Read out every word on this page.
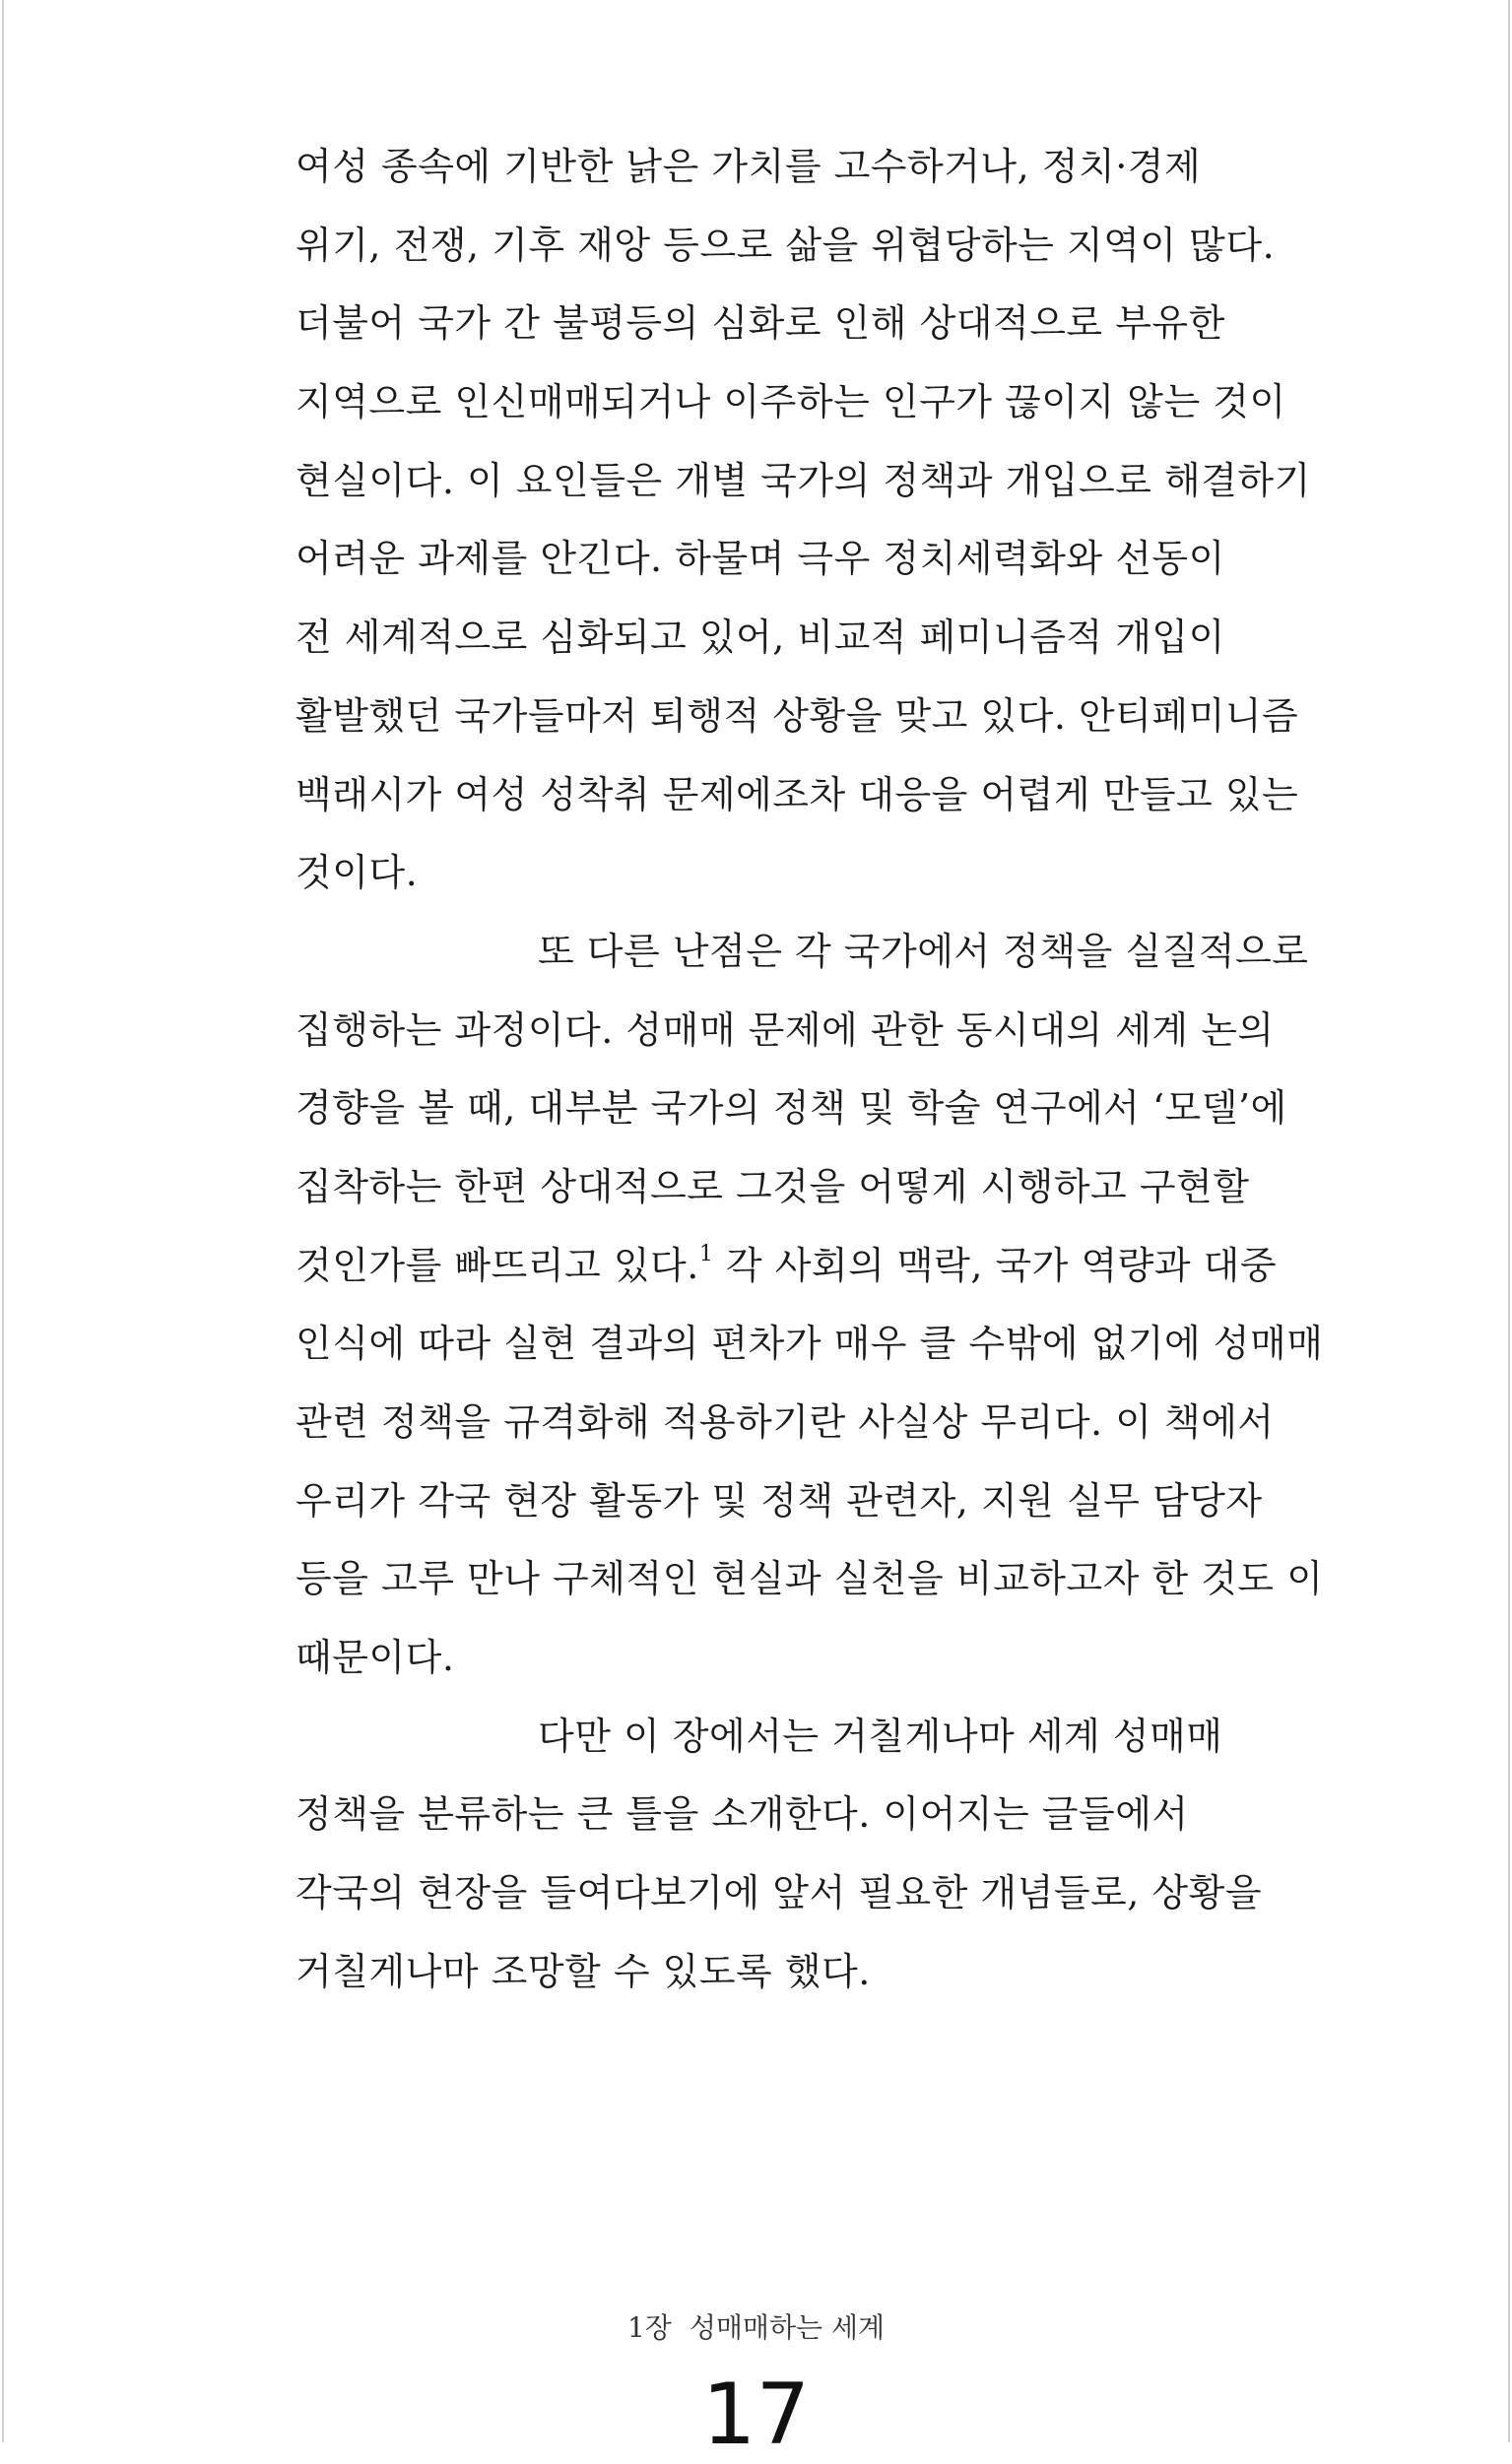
여성 종속에 기반한 낡은 가치를 고수하거나, 정치·경제
위기, 전쟁, 기후 재앙 등으로 삶을 위협당하는 지역이 많다.
더불어 국가 간 불평등의 심화로 인해 상대적으로 부유한
지역으로 인신매매되거나 이주하는 인구가 끊이지 않는 것이
현실이다. 이 요인들은 개별 국가의 정책과 개입으로 해결하기
어려운 과제를 안긴다. 하물며 극우 정치세력화와 선동이
전 세계적으로 심화되고 있어, 비교적 페미니즘적 개입이
활발했던 국가들마저 퇴행적 상황을 맞고 있다. 안티페미니즘
백래시가 여성 성착취 문제에조차 대응을 어렵게 만들고 있는
것이다.
또 다른 난점은 각 국가에서 정책을 실질적으로
집행하는 과정이다. 성매매 문제에 관한 동시대의 세계 논의
경향을 볼 때, 대부분 국가의 정책 및 학술 연구에서 ‘모델’에
집착하는 한편 상대적으로 그것을 어떻게 시행하고 구현할
것인가를 빠뜨리고 있다.$^1$ 각 사회의 맥락, 국가 역량과 대중
인식에 따라 실현 결과의 편차가 매우 클 수밖에 없기에 성매매
관련 정책을 규격화해 적용하기란 사실상 무리다. 이 책에서
우리가 각국 현장 활동가 및 정책 관련자, 지원 실무 담당자
등을 고루 만나 구체적인 현실과 실천을 비교하고자 한 것도 이
때문이다.
다만 이 장에서는 거칠게나마 세계 성매매
정책을 분류하는 큰 틀을 소개한다. 이어지는 글들에서
각국의 현장을 들여다보기에 앞서 필요한 개념들로, 상황을
거칠게나마 조망할 수 있도록 했다.
1장 성매매하는 세계
17
